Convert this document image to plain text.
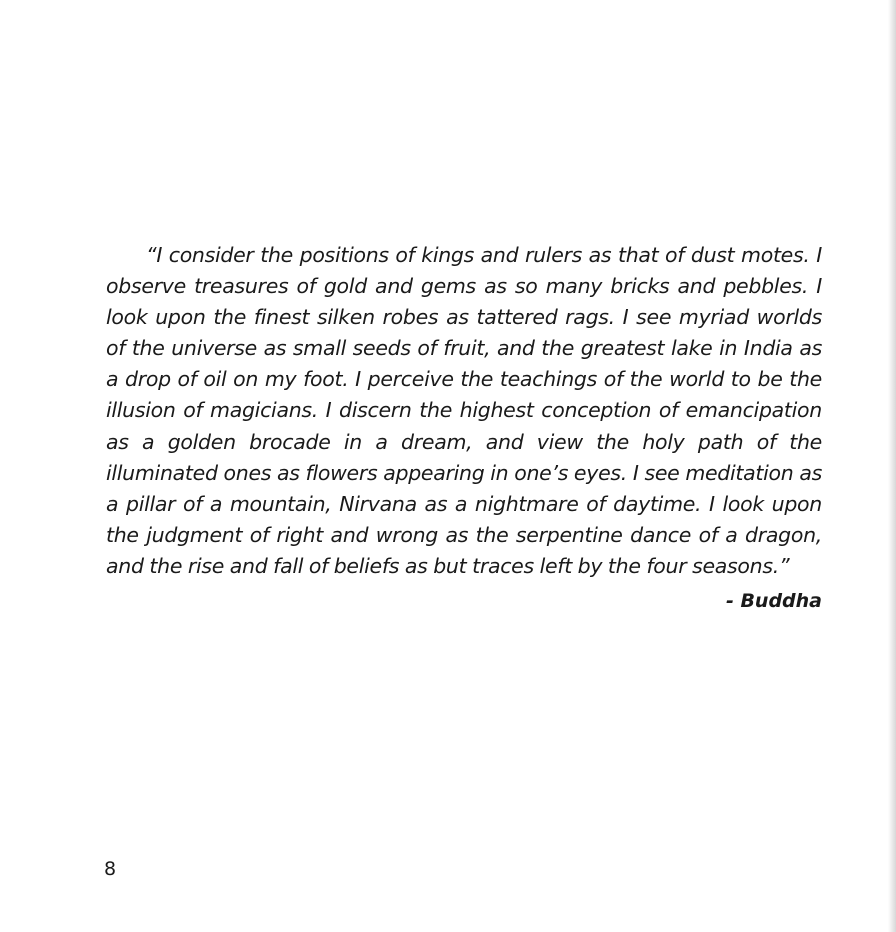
“I consider the positions of kings and rulers as that of dust motes. I observe treasures of gold and gems as so many bricks and pebbles. I look upon the finest silken robes as tattered rags. I see myriad worlds of the universe as small seeds of fruit, and the greatest lake in India as a drop of oil on my foot. I perceive the teachings of the world to be the illusion of magicians. I discern the highest conception of emancipation as a golden brocade in a dream, and view the holy path of the illuminated ones as flowers appearing in one’s eyes. I see meditation as a pillar of a mountain, Nirvana as a nightmare of daytime. I look upon the judgment of right and wrong as the serpentine dance of a dragon, and the rise and fall of beliefs as but traces left by the four seasons.”

- Buddha

8
